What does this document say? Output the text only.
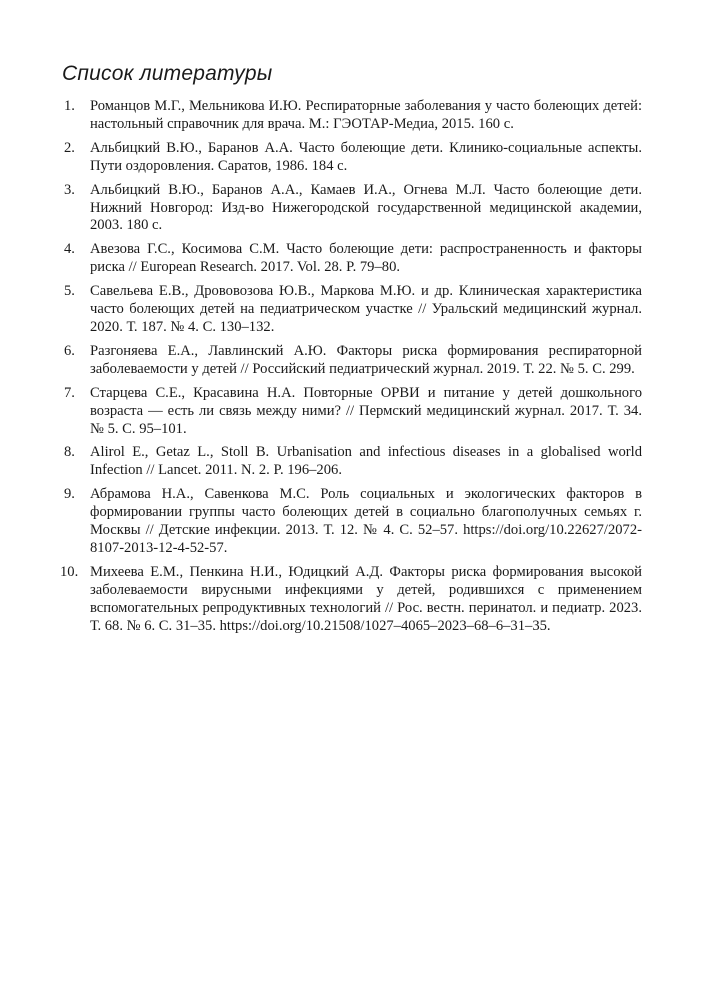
Список литературы
1.	Романцов М.Г., Мельникова И.Ю. Респираторные заболевания у часто болеющих детей: настольный справочник для врача. М.: ГЭОТАР-Медиа, 2015. 160 с.
2.	Альбицкий В.Ю., Баранов А.А. Часто болеющие дети. Клинико-социальные аспекты. Пути оздоровления. Саратов, 1986. 184 с.
3.	Альбицкий В.Ю., Баранов А.А., Камаев И.А., Огнева М.Л. Часто болеющие дети. Нижний Новгород: Изд-во Нижегородской государственной медицинской академии, 2003. 180 с.
4.	Авезова Г.С., Косимова С.М. Часто болеющие дети: распространенность и факторы риска // European Research. 2017. Vol. 28. P. 79–80.
5.	Савельева Е.В., Дрововозова Ю.В., Маркова М.Ю. и др. Клиническая характеристика часто болеющих детей на педиатрическом участке // Уральский медицинский журнал. 2020. Т. 187. № 4. С. 130–132.
6.	Разгоняева Е.А., Лавлинский А.Ю. Факторы риска формирования респираторной заболеваемости у детей // Российский педиатрический журнал. 2019. Т. 22. № 5. С. 299.
7.	Старцева С.Е., Красавина Н.А. Повторные ОРВИ и питание у детей дошкольного возраста — есть ли связь между ними? // Пермский медицинский журнал. 2017. Т. 34. № 5. С. 95–101.
8.	Alirol E., Getaz L., Stoll B. Urbanisation and infectious diseases in a globalised world Infection // Lancet. 2011. N. 2. P. 196–206.
9.	Абрамова Н.А., Савенкова М.С. Роль социальных и экологических факторов в формировании группы часто болеющих детей в социально благополучных семьях г. Москвы // Детские инфекции. 2013. Т. 12. № 4. С. 52–57. https://doi.org/10.22627/2072-8107-2013-12-4-52-57.
10. Михеева Е.М., Пенкина Н.И., Юдицкий А.Д. Факторы риска формирования высокой заболеваемости вирусными инфекциями у детей, родившихся с применением вспомогательных репродуктивных технологий // Рос. вестн. перинатол. и педиатр. 2023. Т. 68. № 6. С. 31–35. https://doi.org/10.21508/1027–4065–2023–68–6–31–35.
